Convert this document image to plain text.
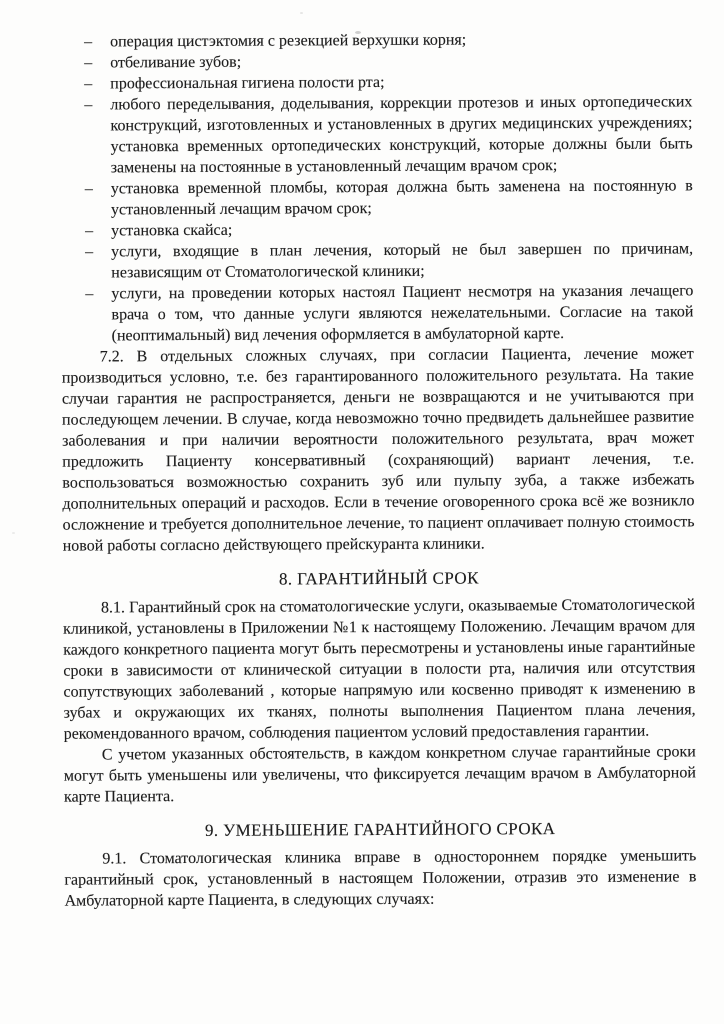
–	операция цистэктомия с резекцией верхушки корня;
–	отбеливание зубов;
–	профессиональная гигиена полости рта;
–	любого переделывания, доделывания, коррекции протезов и иных ортопедических конструкций, изготовленных и установленных в других медицинских учреждениях; установка временных ортопедических конструкций, которые должны были быть заменены на постоянные в установленный лечащим врачом срок;
–	установка временной пломбы, которая должна быть заменена на постоянную в установленный лечащим врачом срок;
–	установка скайса;
–	услуги, входящие в план лечения, который не был завершен по причинам, независящим от Стоматологической клиники;
–	услуги, на проведении которых настоял Пациент несмотря на указания лечащего врача о том, что данные услуги являются нежелательными. Согласие на такой (неоптимальный) вид лечения оформляется в амбулаторной карте.

7.2. В отдельных сложных случаях, при согласии Пациента, лечение может производиться условно, т.е. без гарантированного положительного результата. На такие случаи гарантия не распространяется, деньги не возвращаются и не учитываются при последующем лечении. В случае, когда невозможно точно предвидеть дальнейшее развитие заболевания и при наличии вероятности положительного результата, врач может предложить Пациенту консервативный (сохраняющий) вариант лечения, т.е. воспользоваться возможностью сохранить зуб или пульпу зуба, а также избежать дополнительных операций и расходов. Если в течение оговоренного срока всё же возникло осложнение и требуется дополнительное лечение, то пациент оплачивает полную стоимость новой работы согласно действующего прейскуранта клиники.

8. ГАРАНТИЙНЫЙ СРОК

8.1. Гарантийный срок на стоматологические услуги, оказываемые Стоматологической клиникой, установлены в Приложении №1 к настоящему Положению. Лечащим врачом для каждого конкретного пациента могут быть пересмотрены и установлены иные гарантийные сроки в зависимости от клинической ситуации в полости рта, наличия или отсутствия сопутствующих заболеваний , которые напрямую или косвенно приводят к изменению в зубах и окружающих их тканях, полноты выполнения Пациентом плана лечения, рекомендованного врачом, соблюдения пациентом условий предоставления гарантии.

С учетом указанных обстоятельств, в каждом конкретном случае гарантийные сроки могут быть уменьшены или увеличены, что фиксируется лечащим врачом в Амбулаторной карте Пациента.

9. УМЕНЬШЕНИЕ ГАРАНТИЙНОГО СРОКА

9.1. Стоматологическая клиника вправе в одностороннем порядке уменьшить гарантийный срок, установленный в настоящем Положении, отразив это изменение в Амбулаторной карте Пациента, в следующих случаях:
